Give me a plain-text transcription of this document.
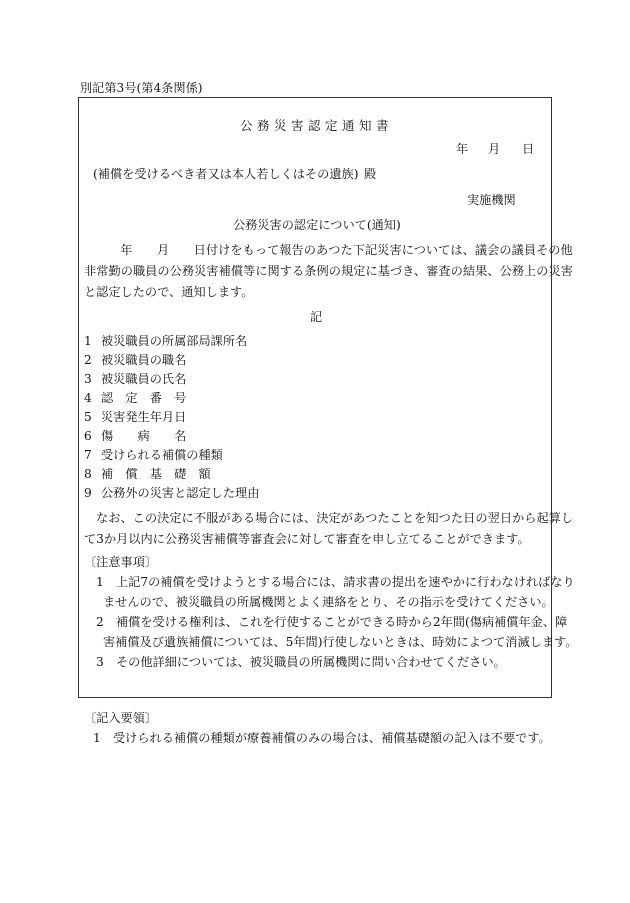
別記第3号(第4条関係)
公務災害認定通知書
年 月 日
(補償を受けるべき者又は本人若しくはその遺族) 殿
実施機関
公務災害の認定について(通知)
　年　　月　　日付けをもって報告のあつた下記災害については、議会の議員その他
非常勤の職員の公務災害補償等に関する条例の規定に基づき、審査の結果、公務上の災害
と認定したので、通知します。
記
1 被災職員の所属部局課所名
2 被災職員の職名
3 被災職員の氏名
4 認　定　番　号
5 災害発生年月日
6 傷　　病　　名
7 受けられる補償の種類
8 補　償　基　礎　額
9 公務外の災害と認定した理由
なお、この決定に不服がある場合には、決定があつたことを知つた日の翌日から起算し
て3か月以内に公務災害補償等審査会に対して審査を申し立てることができます。
〔注意事項〕
1　上記7の補償を受けようとする場合には、請求書の提出を速やかに行わなければなり
ませんので、被災職員の所属機関とよく連絡をとり、その指示を受けてください。
2　補償を受ける権利は、これを行使することができる時から2年間(傷病補償年金、障
害補償及び遺族補償については、5年間)行使しないときは、時効によつて消滅します。
3　その他詳細については、被災職員の所属機関に問い合わせてください。
〔記入要領〕
1　受けられる補償の種類が療養補償のみの場合は、補償基礎額の記入は不要です。
